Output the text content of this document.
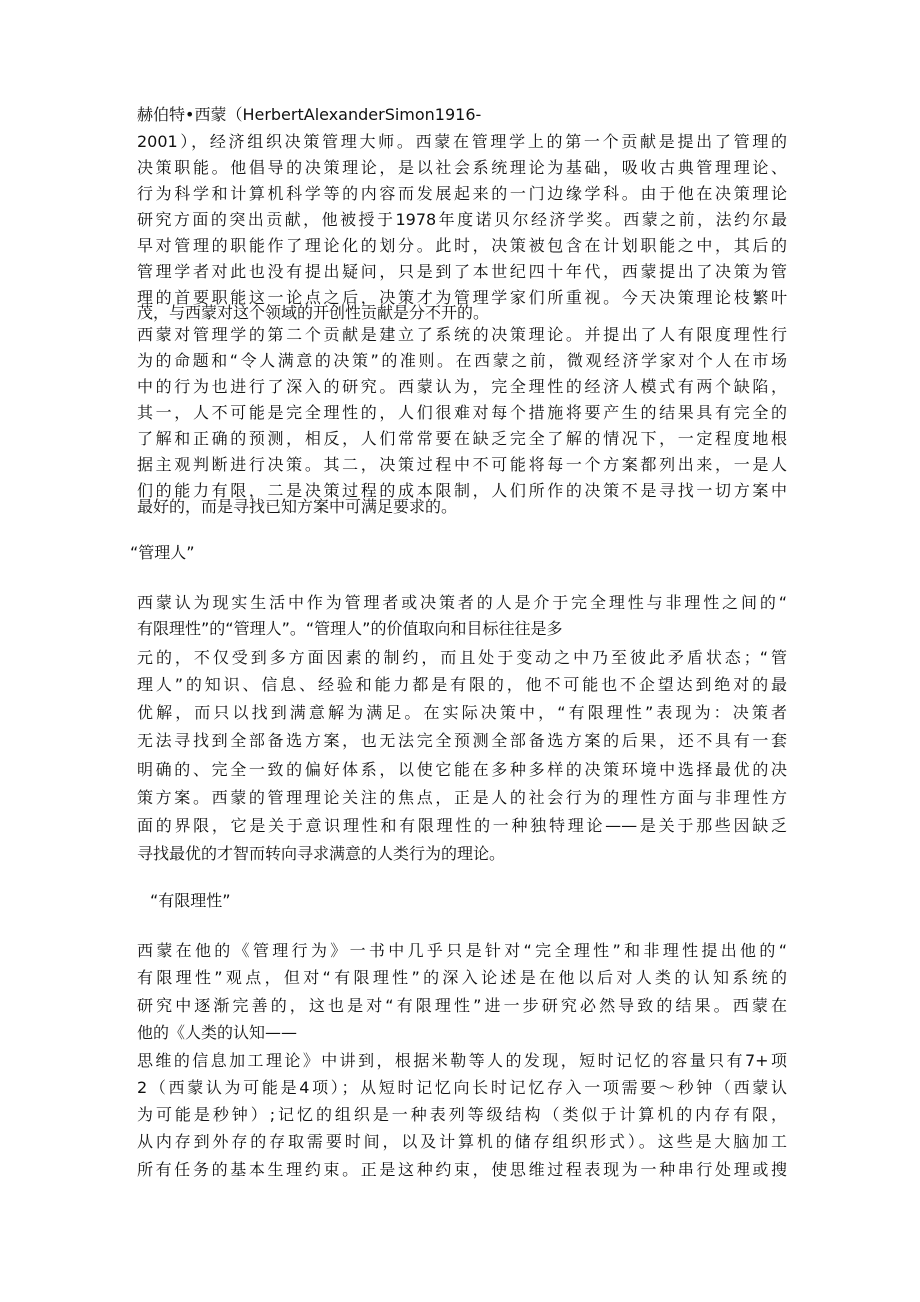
赫伯特•西蒙（HerbertAlexanderSimon1916-
2001），经济组织决策管理大师。西蒙在管理学上的第一个贡献是提出了管理的
决策职能。他倡导的决策理论，是以社会系统理论为基础，吸收古典管理理论、
行为科学和计算机科学等的内容而发展起来的一门边缘学科。由于他在决策理论
研究方面的突出贡献，他被授于1978年度诺贝尔经济学奖。西蒙之前，法约尔最
早对管理的职能作了理论化的划分。此时，决策被包含在计划职能之中，其后的
管理学者对此也没有提出疑问，只是到了本世纪四十年代，西蒙提出了决策为管
理的首要职能这一论点之后，决策才为管理学家们所重视。今天决策理论枝繁叶
茂，与西蒙对这个领域的开创性贡献是分不开的。
西蒙对管理学的第二个贡献是建立了系统的决策理论。并提出了人有限度理性行
为的命题和“令人满意的决策”的准则。在西蒙之前，微观经济学家对个人在市场
中的行为也进行了深入的研究。西蒙认为，完全理性的经济人模式有两个缺陷，
其一，人不可能是完全理性的，人们很难对每个措施将要产生的结果具有完全的
了解和正确的预测，相反，人们常常要在缺乏完全了解的情况下，一定程度地根
据主观判断进行决策。其二，决策过程中不可能将每一个方案都列出来，一是人
们的能力有限，二是决策过程的成本限制，人们所作的决策不是寻找一切方案中
最好的，而是寻找已知方案中可满足要求的。
“管理人”
西蒙认为现实生活中作为管理者或决策者的人是介于完全理性与非理性之间的“
有限理性”的“管理人”。“管理人”的价值取向和目标往往是多
元的，不仅受到多方面因素的制约，而且处于变动之中乃至彼此矛盾状态；“管
理人”的知识、信息、经验和能力都是有限的，他不可能也不企望达到绝对的最
优解，而只以找到满意解为满足。在实际决策中，“有限理性”表现为：决策者
无法寻找到全部备选方案，也无法完全预测全部备选方案的后果，还不具有一套
明确的、完全一致的偏好体系，以使它能在多种多样的决策环境中选择最优的决
策方案。西蒙的管理理论关注的焦点，正是人的社会行为的理性方面与非理性方
面的界限，它是关于意识理性和有限理性的一种独特理论——是关于那些因缺乏
寻找最优的才智而转向寻求满意的人类行为的理论。
“有限理性”
西蒙在他的《管理行为》一书中几乎只是针对“完全理性”和非理性提出他的“
有限理性”观点，但对“有限理性”的深入论述是在他以后对人类的认知系统的
研究中逐渐完善的，这也是对“有限理性”进一步研究必然导致的结果。西蒙在
他的《人类的认知——
思维的信息加工理论》中讲到，根据米勒等人的发现，短时记忆的容量只有7+项
2（西蒙认为可能是4项）；从短时记忆向长时记忆存入一项需要～秒钟（西蒙认
为可能是秒钟）;记忆的组织是一种表列等级结构（类似于计算机的内存有限，
从内存到外存的存取需要时间，以及计算机的储存组织形式）。这些是大脑加工
所有任务的基本生理约束。正是这种约束，使思维过程表现为一种串行处理或搜
